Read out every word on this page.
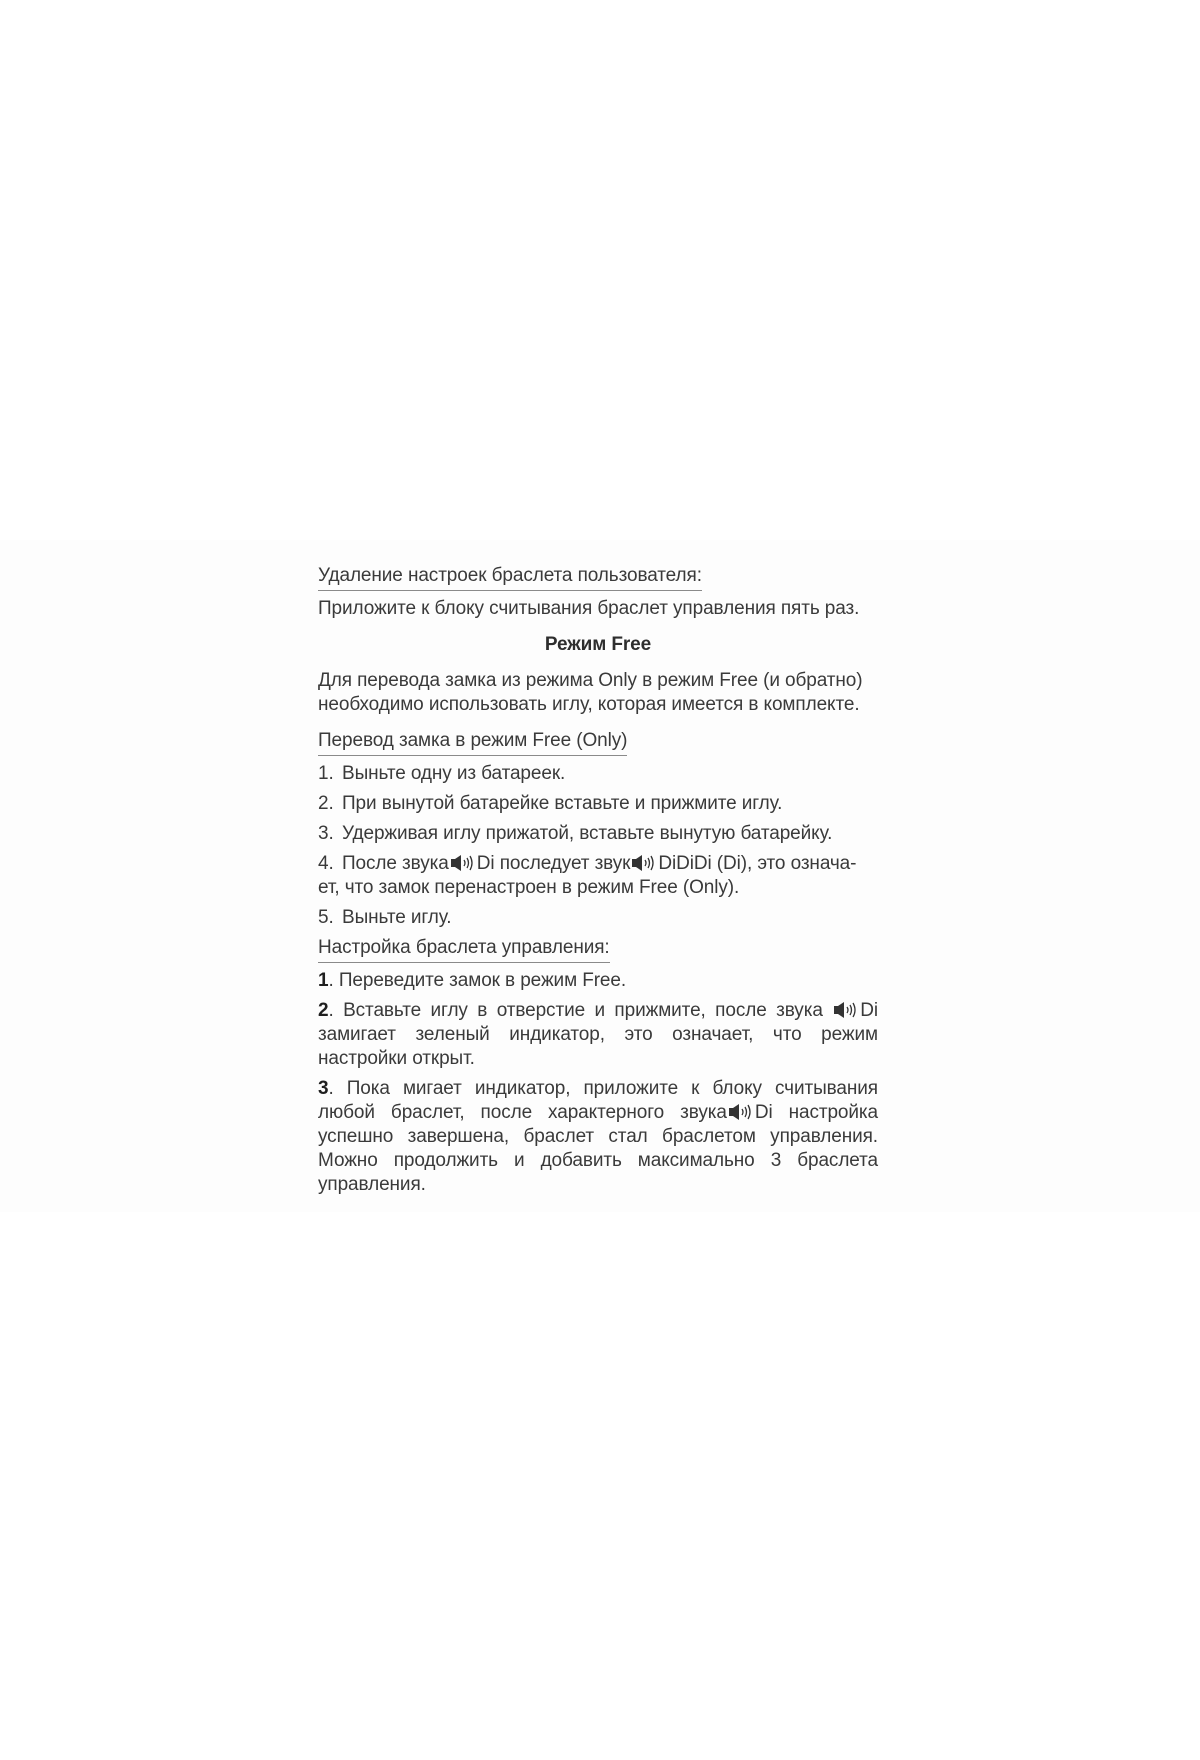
Удаление настроек браслета пользователя:

Приложите к блоку считывания браслет управления пять раз.

Режим Free

Для перевода замка из режима Only в режим Free (и обратно)

необходимо использовать иглу, которая имеется в комплекте.

Перевод замка в режим Free (Only)

1. Выньте одну из батареек.

2. При вынутой батарейке вставьте и прижмите иглу.

3. Удерживая иглу прижатой, вставьте вынутую батарейку.

4. После звука Di последует звук DiDiDi (Di), это означа-

ет, что замок перенастроен в режим Free (Only).

5. Выньте иглу.

Настройка браслета управления:

1. Переведите замок в режим Free.

2. Вставьте иглу в отверстие и прижмите, после звука Di замигает зеленый индикатор, это означает, что режим настройки открыт.

3. Пока мигает индикатор, приложите к блоку считывания любой браслет, после характерного звука Di настройка успешно завершена, браслет стал браслетом управления. Можно продолжить и добавить максимально 3 браслета управления.
